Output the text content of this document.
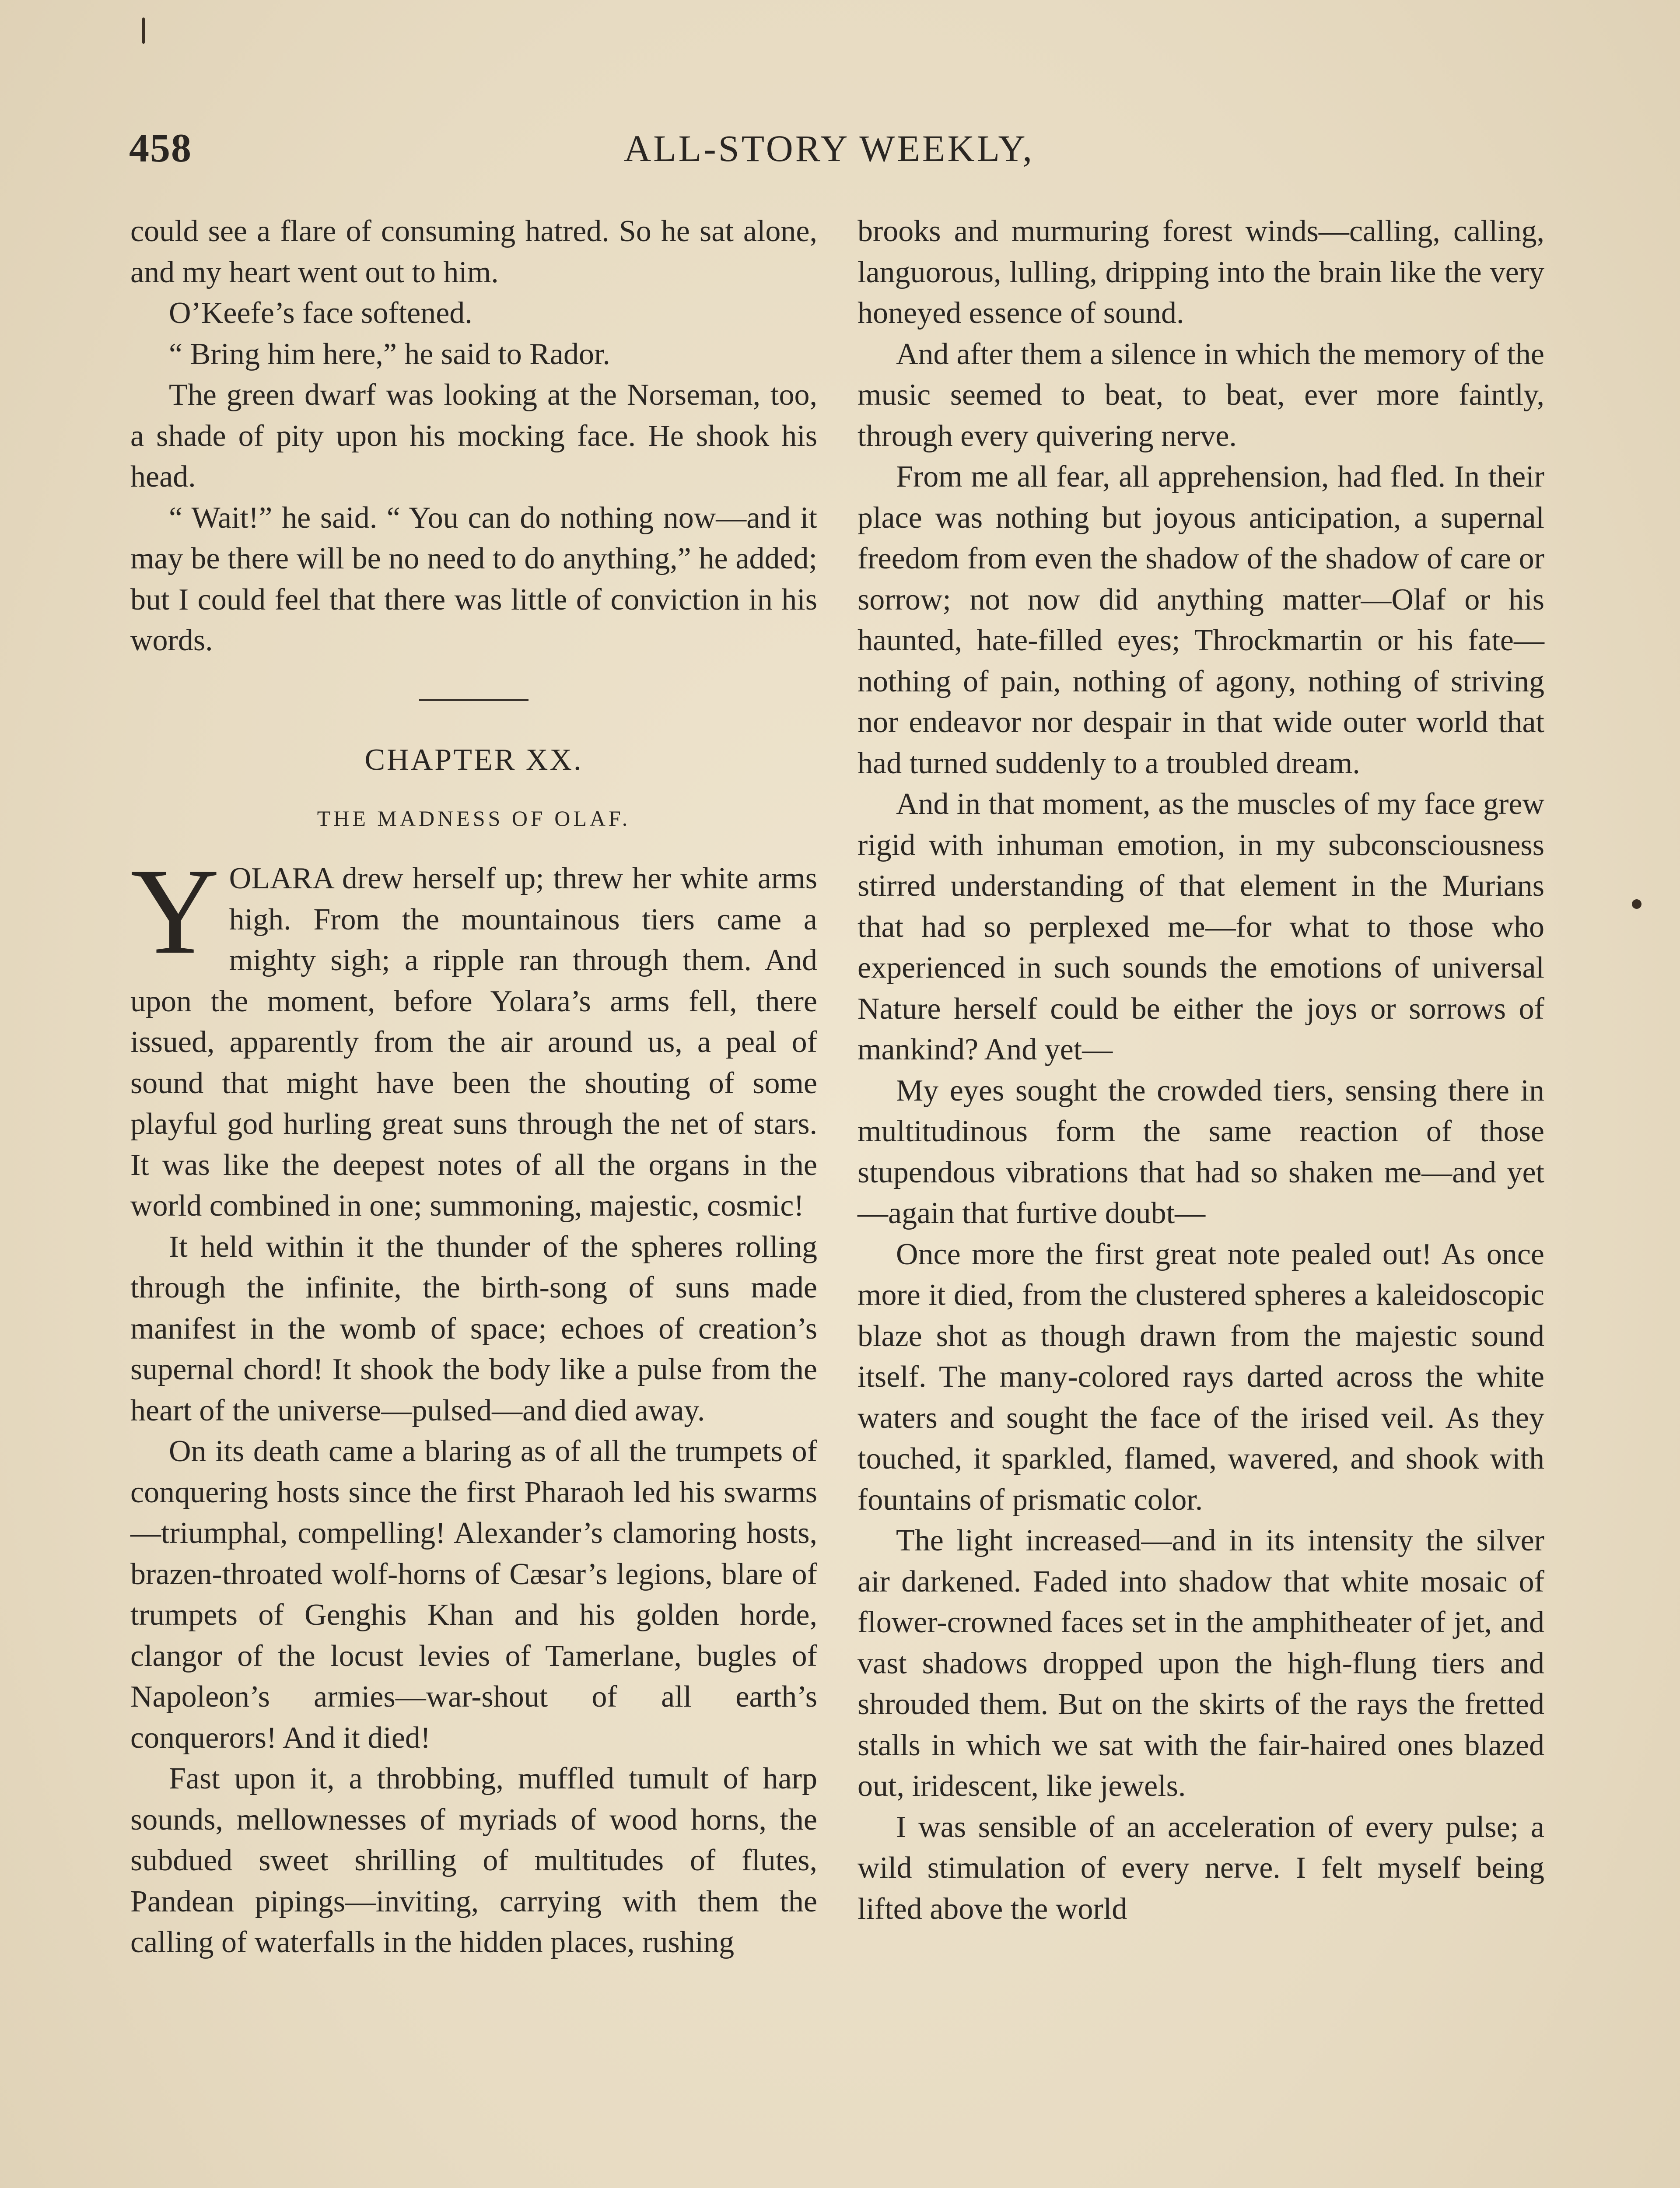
458	ALL-STORY WEEKLY,

could see a flare of consuming hatred. So he sat alone, and my heart went out to him.

O’Keefe’s face softened.

“ Bring him here,” he said to Rador.

The green dwarf was looking at the Norseman, too, a shade of pity upon his mocking face. He shook his head.

“ Wait!” he said. “ You can do nothing now—and it may be there will be no need to do anything,” he added; but I could feel that there was little of conviction in his words.

CHAPTER XX.

THE MADNESS OF OLAF.

YOLARA drew herself up; threw her white arms high. From the mountainous tiers came a mighty sigh; a ripple ran through them. And upon the moment, before Yolara’s arms fell, there issued, apparently from the air around us, a peal of sound that might have been the shouting of some playful god hurling great suns through the net of stars. It was like the deepest notes of all the organs in the world combined in one; summoning, majestic, cosmic!

It held within it the thunder of the spheres rolling through the infinite, the birth-song of suns made manifest in the womb of space; echoes of creation’s supernal chord! It shook the body like a pulse from the heart of the universe—pulsed—and died away.

On its death came a blaring as of all the trumpets of conquering hosts since the first Pharaoh led his swarms—triumphal, compelling! Alexander’s clamoring hosts, brazen-throated wolf-horns of Cæsar’s legions, blare of trumpets of Genghis Khan and his golden horde, clangor of the locust levies of Tamerlane, bugles of Napoleon’s armies—war-shout of all earth’s conquerors! And it died!

Fast upon it, a throbbing, muffled tumult of harp sounds, mellownesses of myriads of wood horns, the subdued sweet shrilling of multitudes of flutes, Pandean pipings—inviting, carrying with them the calling of waterfalls in the hidden places, rushing

brooks and murmuring forest winds—calling, calling, languorous, lulling, dripping into the brain like the very honeyed essence of sound.

And after them a silence in which the memory of the music seemed to beat, to beat, ever more faintly, through every quivering nerve.

From me all fear, all apprehension, had fled. In their place was nothing but joyous anticipation, a supernal freedom from even the shadow of the shadow of care or sorrow; not now did anything matter—Olaf or his haunted, hate-filled eyes; Throckmartin or his fate—nothing of pain, nothing of agony, nothing of striving nor endeavor nor despair in that wide outer world that had turned suddenly to a troubled dream.

And in that moment, as the muscles of my face grew rigid with inhuman emotion, in my subconsciousness stirred understanding of that element in the Murians that had so perplexed me—for what to those who experienced in such sounds the emotions of universal Nature herself could be either the joys or sorrows of mankind? And yet—

My eyes sought the crowded tiers, sensing there in multitudinous form the same reaction of those stupendous vibrations that had so shaken me—and yet—again that furtive doubt—

Once more the first great note pealed out! As once more it died, from the clustered spheres a kaleidoscopic blaze shot as though drawn from the majestic sound itself. The many-colored rays darted across the white waters and sought the face of the irised veil. As they touched, it sparkled, flamed, wavered, and shook with fountains of prismatic color.

The light increased—and in its intensity the silver air darkened. Faded into shadow that white mosaic of flower-crowned faces set in the amphitheater of jet, and vast shadows dropped upon the high-flung tiers and shrouded them. But on the skirts of the rays the fretted stalls in which we sat with the fair-haired ones blazed out, iridescent, like jewels.

I was sensible of an acceleration of every pulse; a wild stimulation of every nerve. I felt myself being lifted above the world
